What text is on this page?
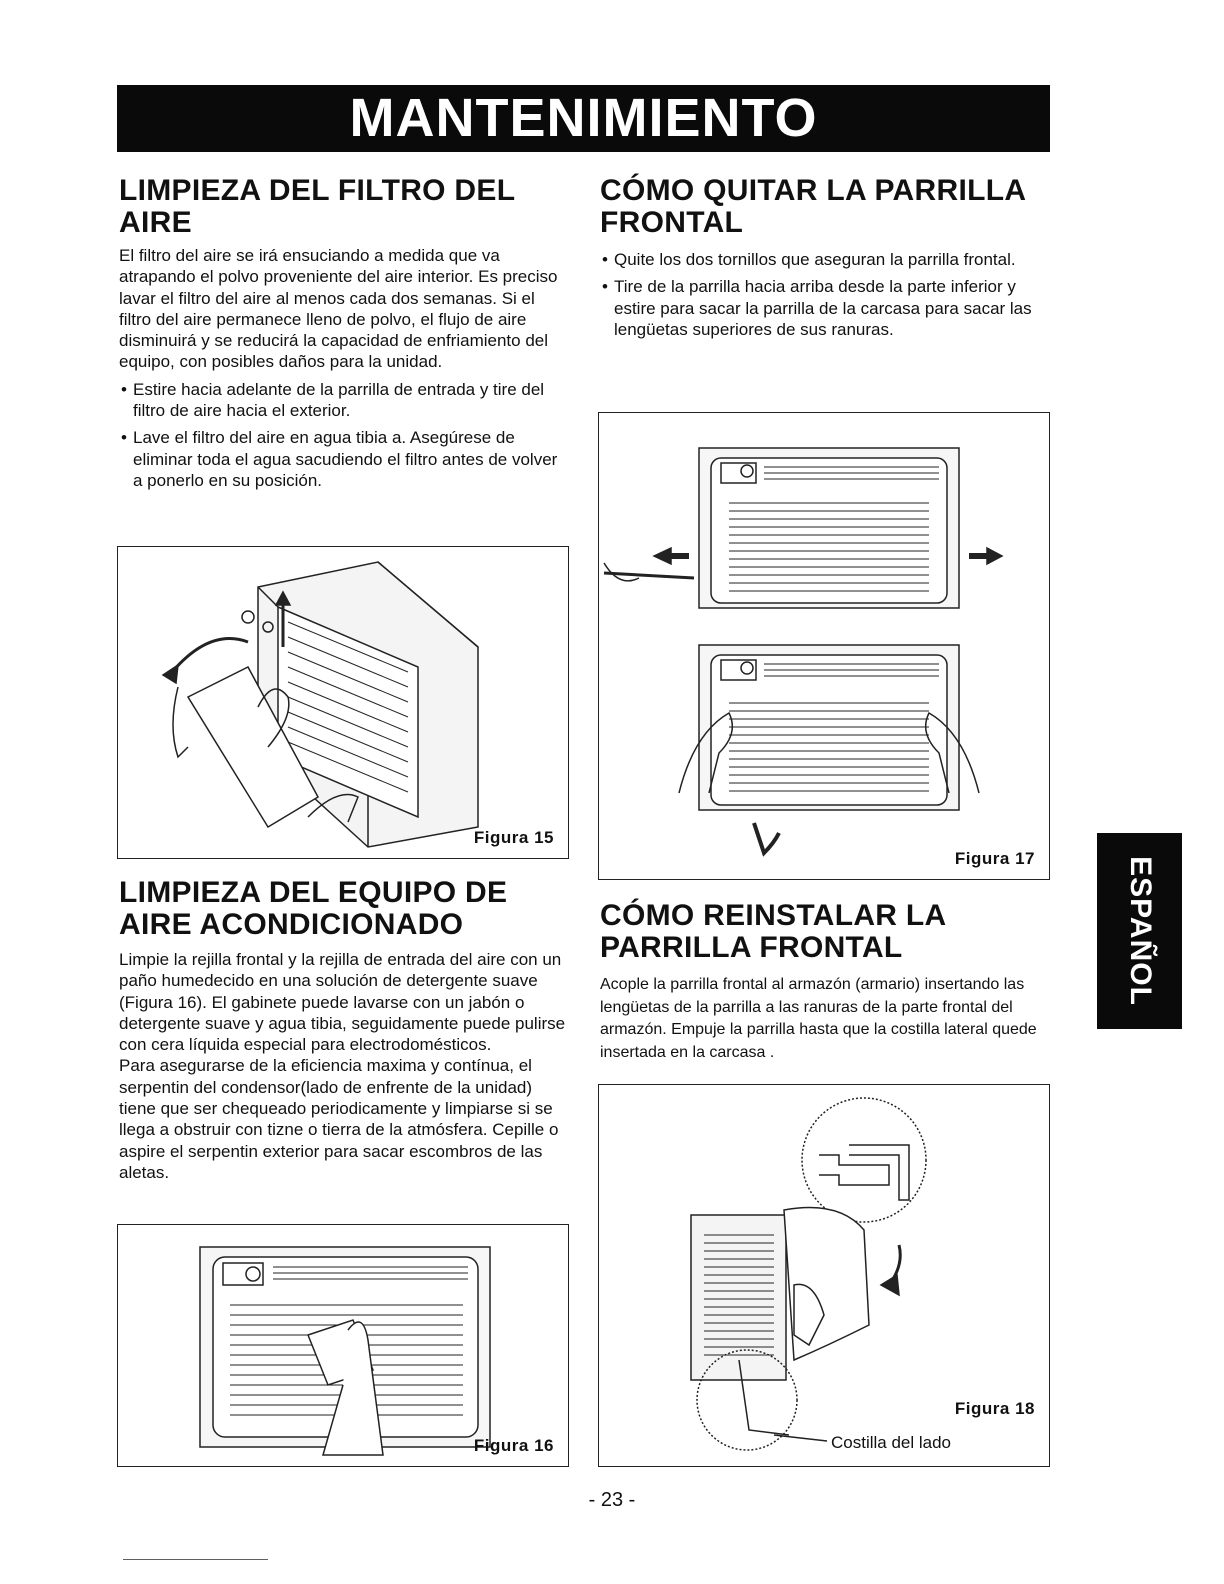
MANTENIMIENTO
LIMPIEZA DEL FILTRO DEL
AIRE

El filtro del aire se irá ensuciando a medida que va atrapando el polvo proveniente del aire interior. Es preciso lavar el filtro del aire al menos cada dos semanas. Si el filtro del aire permanece lleno de polvo, el flujo de aire disminuirá y se reducirá la capacidad de enfriamiento del equipo, con posibles daños para la unidad.

• Estire hacia adelante de la parrilla de entrada y tire del filtro de aire hacia el exterior.
• Lave el filtro del aire en agua tibia a. Asegúrese de eliminar toda el agua sacudiendo el filtro antes de volver a ponerlo en su posición.
Figura 15
LIMPIEZA DEL EQUIPO DE
AIRE ACONDICIONADO

Limpie la rejilla frontal y la rejilla de entrada del aire con un paño humedecido en una solución de detergente suave (Figura 16). El gabinete puede lavarse con un jabón o detergente suave y agua tibia, seguidamente puede pulirse con cera líquida especial para electrodomésticos.

Para asegurarse de la eficiencia maxima y contínua, el serpentin del condensor(lado de enfrente de la unidad) tiene que ser chequeado periodicamente y limpiarse si se llega a obstruir con tizne o tierra de la atmósfera. Cepille o aspire el serpentin exterior para sacar escombros de las aletas.

Figura 16
CÓMO QUITAR LA PARRILLA
FRONTAL
• Quite los dos tornillos que aseguran la parrilla frontal.
• Tire de la parrilla hacia arriba desde la parte inferior y estire para sacar la parrilla de la carcasa para sacar las lengüetas superiores de sus ranuras.
Figura 17
CÓMO REINSTALAR LA
PARRILLA FRONTAL

Acople la parrilla frontal al armazón (armario) insertando las lengüetas de la parrilla a las ranuras de la parte frontal del armazón. Empuje la parrilla hasta que la costilla lateral quede insertada en la carcasa .

Figura 18
Costilla del lado
ESPAÑOL
- 23 -
